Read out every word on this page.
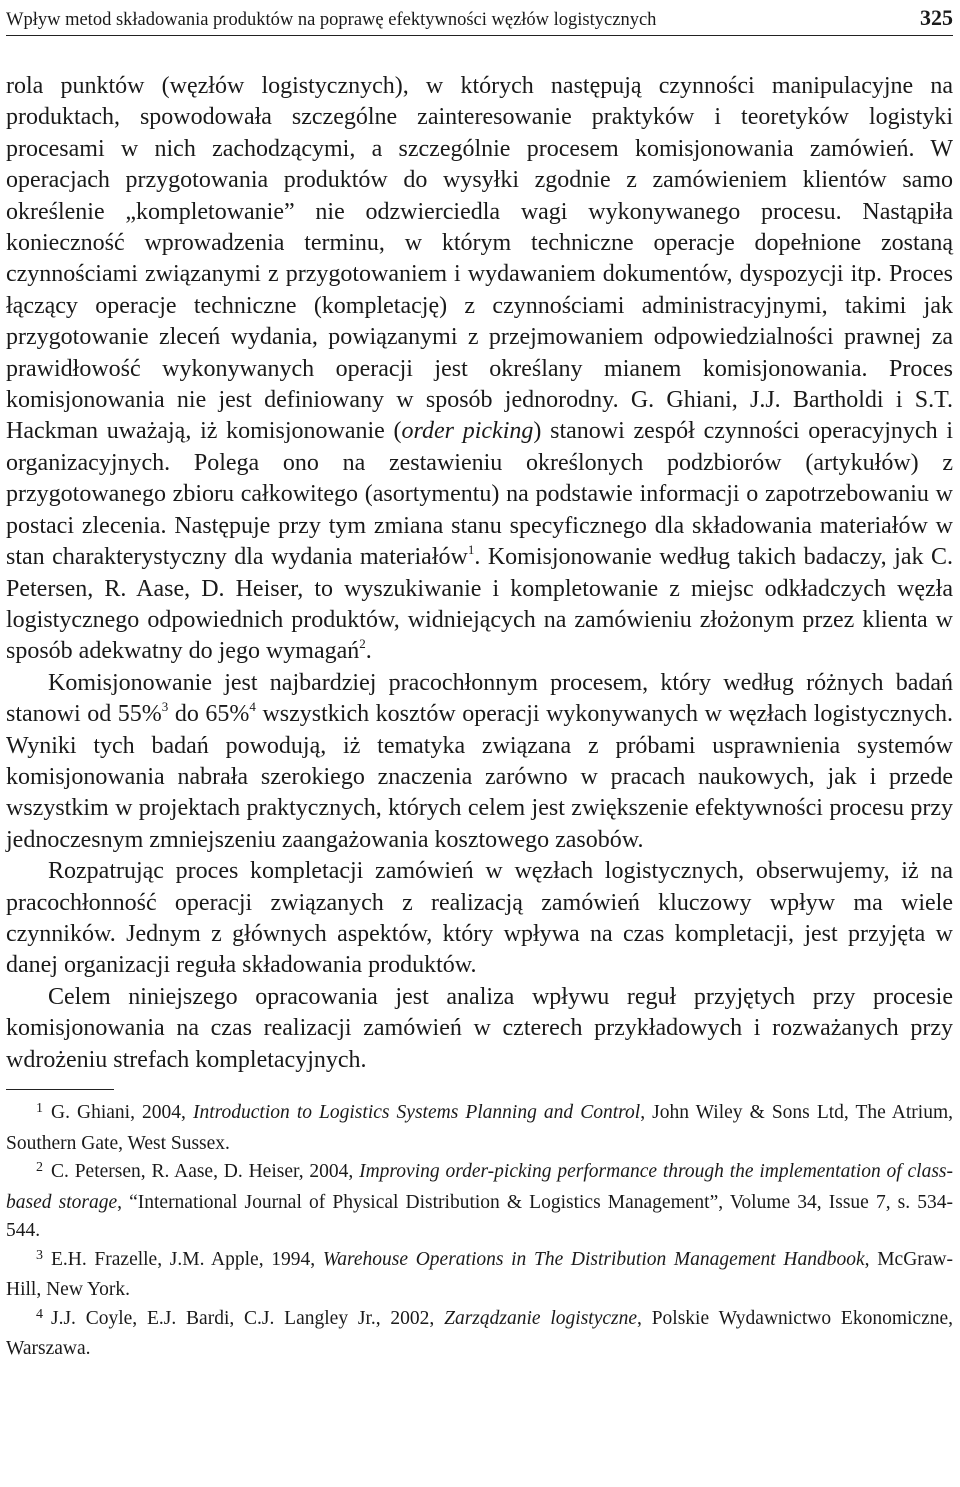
Wpływ metod składowania produktów na poprawę efektywności węzłów logistycznych	325

rola punktów (węzłów logistycznych), w których następują czynności manipulacyjne na produktach, spowodowała szczególne zainteresowanie praktyków i teoretyków logistyki procesami w nich zachodzącymi, a szczególnie procesem komisjonowania zamówień. W operacjach przygotowania produktów do wysyłki zgodnie z zamówieniem klientów samo określenie „kompletowanie” nie odzwierciedla wagi wykonywanego procesu. Nastąpiła konieczność wprowadzenia terminu, w którym techniczne operacje dopełnione zostaną czynnościami związanymi z przygotowaniem i wydawaniem dokumentów, dyspozycji itp. Proces łączący operacje techniczne (kompletację) z czynnościami administracyjnymi, takimi jak przygotowanie zleceń wydania, powiązanymi z przejmowaniem odpowiedzialności prawnej za prawidłowość wykonywanych operacji jest określany mianem komisjonowania. Proces komisjonowania nie jest definiowany w sposób jednorodny. G. Ghiani, J.J. Bartholdi i S.T. Hackman uważają, iż komisjonowanie (order picking) stanowi zespół czynności operacyjnych i organizacyjnych. Polega ono na zestawieniu określonych podzbiorów (artykułów) z przygotowanego zbioru całkowitego (asortymentu) na podstawie informacji o zapotrzebowaniu w postaci zlecenia. Następuje przy tym zmiana stanu specyficznego dla składowania materiałów w stan charakterystyczny dla wydania materiałów$^1$. Komisjonowanie według takich badaczy, jak C. Petersen, R. Aase, D. Heiser, to wyszukiwanie i kompletowanie z miejsc odkładczych węzła logistycznego odpowiednich produktów, widniejących na zamówieniu złożonym przez klienta w sposób adekwatny do jego wymagań$^2$.

Komisjonowanie jest najbardziej pracochłonnym procesem, który według różnych badań stanowi od 55%$^3$ do 65%$^4$ wszystkich kosztów operacji wykonywanych w węzłach logistycznych. Wyniki tych badań powodują, iż tematyka związana z próbami usprawnienia systemów komisjonowania nabrała szerokiego znaczenia zarówno w pracach naukowych, jak i przede wszystkim w projektach praktycznych, których celem jest zwiększenie efektywności procesu przy jednoczesnym zmniejszeniu zaangażowania kosztowego zasobów.

Rozpatrując proces kompletacji zamówień w węzłach logistycznych, obserwujemy, iż na pracochłonność operacji związanych z realizacją zamówień kluczowy wpływ ma wiele czynników. Jednym z głównych aspektów, który wpływa na czas kompletacji, jest przyjęta w danej organizacji reguła składowania produktów.

Celem niniejszego opracowania jest analiza wpływu reguł przyjętych przy procesie komisjonowania na czas realizacji zamówień w czterech przykładowych i rozważanych przy wdrożeniu strefach kompletacyjnych.

$^1$ G. Ghiani, 2004, Introduction to Logistics Systems Planning and Control, John Wiley & Sons Ltd, The Atrium, Southern Gate, West Sussex.

$^2$ C. Petersen, R. Aase, D. Heiser, 2004, Improving order-picking performance through the implementation of class-based storage, “International Journal of Physical Distribution & Logistics Management”, Volume 34, Issue 7, s. 534-544.

$^3$ E.H. Frazelle, J.M. Apple, 1994, Warehouse Operations in The Distribution Management Handbook, McGraw-Hill, New York.

$^4$ J.J. Coyle, E.J. Bardi, C.J. Langley Jr., 2002, Zarządzanie logistyczne, Polskie Wydawnictwo Ekonomiczne, Warszawa.
